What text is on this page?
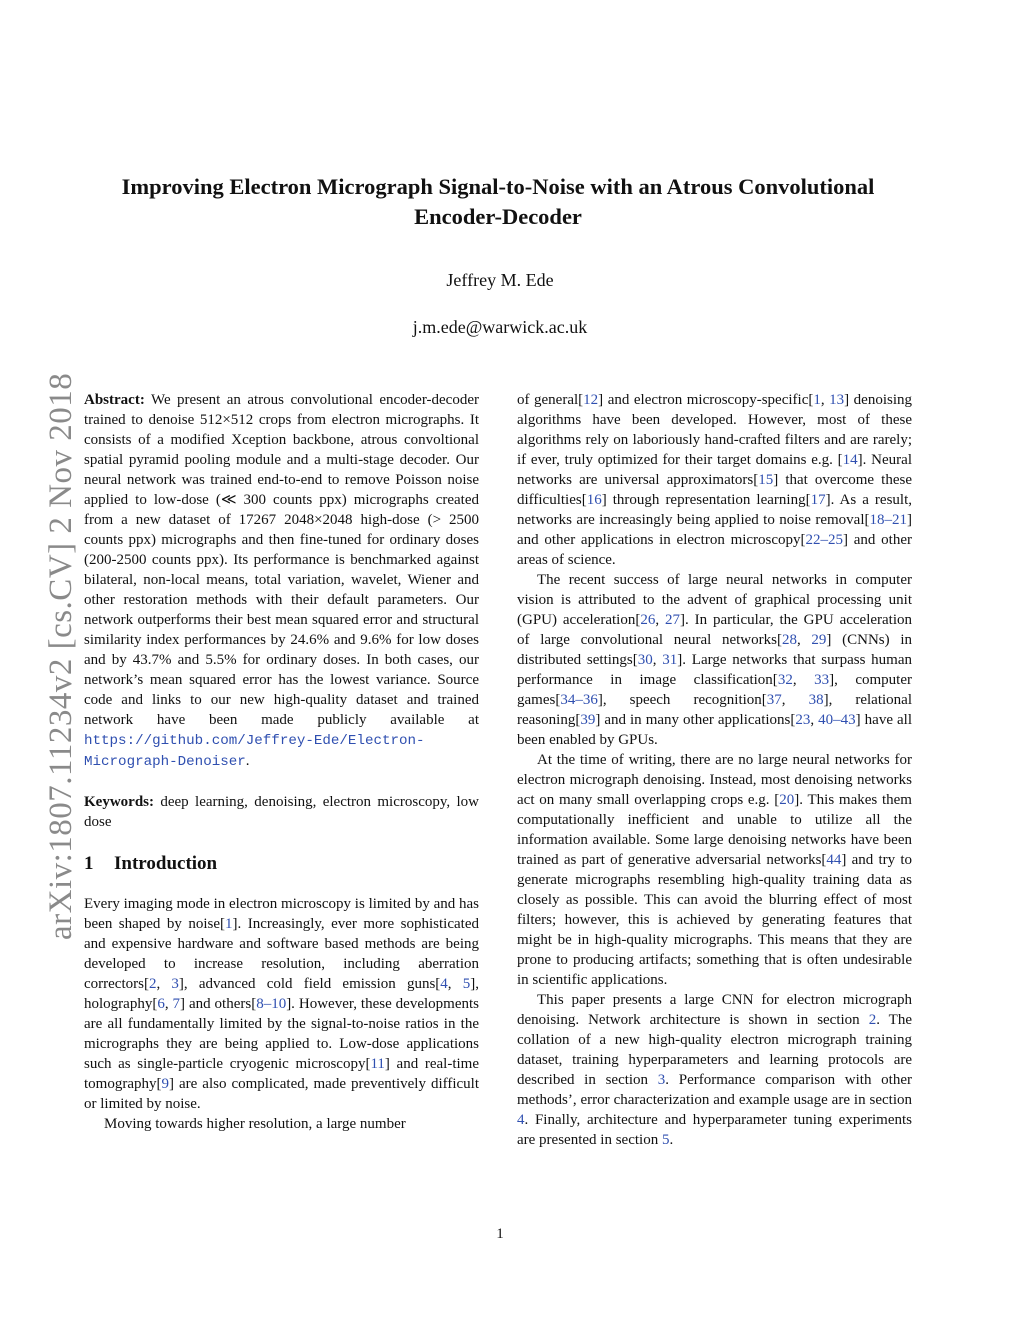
arXiv:1807.11234v2 [cs.CV] 2 Nov 2018
Improving Electron Micrograph Signal-to-Noise with an Atrous Convolutional Encoder-Decoder
Jeffrey M. Ede
j.m.ede@warwick.ac.uk

Abstract: We present an atrous convolutional encoder-decoder trained to denoise 512×512 crops from electron micrographs. It consists of a modified Xception backbone, atrous convoltional spatial pyramid pooling module and a multi-stage decoder. Our neural network was trained end-to-end to remove Poisson noise applied to low-dose (≪ 300 counts ppx) micrographs created from a new dataset of 17267 2048×2048 high-dose (> 2500 counts ppx) micrographs and then fine-tuned for ordinary doses (200-2500 counts ppx). Its performance is benchmarked against bilateral, non-local means, total variation, wavelet, Wiener and other restoration methods with their default parameters. Our network outperforms their best mean squared error and structural similarity index performances by 24.6% and 9.6% for low doses and by 43.7% and 5.5% for ordinary doses. In both cases, our network’s mean squared error has the lowest variance. Source code and links to our new high-quality dataset and trained network have been made publicly available at https://github.com/Jeffrey-Ede/Electron-Micrograph-Denoiser.

Keywords: deep learning, denoising, electron microscopy, low dose

1 Introduction

Every imaging mode in electron microscopy is limited by and has been shaped by noise[1]. Increasingly, ever more sophisticated and expensive hardware and software based methods are being developed to increase resolution, including aberration correctors[2, 3], advanced cold field emission guns[4, 5], holography[6, 7] and others[8–10]. However, these developments are all fundamentally limited by the signal-to-noise ratios in the micrographs they are being applied to. Low-dose applications such as single-particle cryogenic microscopy[11] and real-time tomography[9] are also complicated, made preventively difficult or limited by noise.

Moving towards higher resolution, a large number

of general[12] and electron microscopy-specific[1, 13] denoising algorithms have been developed. However, most of these algorithms rely on laboriously hand-crafted filters and are rarely; if ever, truly optimized for their target domains e.g. [14]. Neural networks are universal approximators[15] that overcome these difficulties[16] through representation learning[17]. As a result, networks are increasingly being applied to noise removal[18–21] and other applications in electron microscopy[22–25] and other areas of science.

The recent success of large neural networks in computer vision is attributed to the advent of graphical processing unit (GPU) acceleration[26, 27]. In particular, the GPU acceleration of large convolutional neural networks[28, 29] (CNNs) in distributed settings[30, 31]. Large networks that surpass human performance in image classification[32, 33], computer games[34–36], speech recognition[37, 38], relational reasoning[39] and in many other applications[23, 40–43] have all been enabled by GPUs.

At the time of writing, there are no large neural networks for electron micrograph denoising. Instead, most denoising networks act on many small overlapping crops e.g. [20]. This makes them computationally inefficient and unable to utilize all the information available. Some large denoising networks have been trained as part of generative adversarial networks[44] and try to generate micrographs resembling high-quality training data as closely as possible. This can avoid the blurring effect of most filters; however, this is achieved by generating features that might be in high-quality micrographs. This means that they are prone to producing artifacts; something that is often undesirable in scientific applications.

This paper presents a large CNN for electron micrograph denoising. Network architecture is shown in section 2. The collation of a new high-quality electron micrograph training dataset, training hyperparameters and learning protocols are described in section 3. Performance comparison with other methods’, error characterization and example usage are in section 4. Finally, architecture and hyperparameter tuning experiments are presented in section 5.

1
